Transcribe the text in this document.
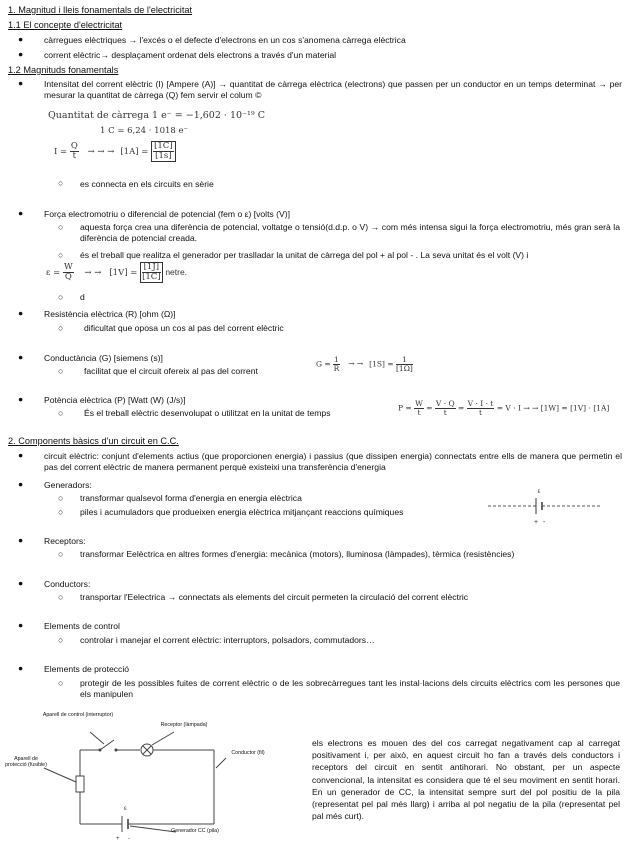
1. Magnitud i lleis fonamentals de l'electricitat
1.1 El concepte d'electricitat
●	càrregues elèctriques → l'excés o el defecte d'electrons en un cos s'anomena càrrega elèctrica
●	corrent elèctric→ desplaçament ordenat dels electrons a través d'un material
1.2 Magnituds fonamentals
●	Intensitat del corrent elèctric (I) [Ampere (A)] → quantitat de càrrega elèctrica (electrons) que passen per un conductor en un temps determinat → per mesurar la quantitat de càrrega (Q) fem servir el colum ©
Quantitat de càrrega 1 e⁻ = −1,602 · 10⁻¹⁹ C
1 C = 6,24 · 1018 e⁻
$I = \frac{Q}{t}$ → → → $[1A] = \frac{[1C]}{[1s]}$
○ es connecta en els circuits en sèrie
●	Força electromotriu o diferencial de potencial (fem o ε) [volts (V)]
○ aquesta força crea una diferència de potencial, voltatge o tensió(d.d.p. o V) → com més intensa sigui la força electromotriu, més gran serà la diferència de potencial creada.
○ és el treball que realitza el generador per traslladar la unitat de càrrega del pol + al pol - . La seva unitat és el volt (V) i
$\varepsilon = \frac{W}{Q}$ → → $[1V] = \frac{[1J]}{[1C]}$ netre.
○ d
●	Resistència elèctrica (R) [ohm (Ω)]
○ dificultat que oposa un cos al pas del corrent elèctric
●	Conductància (G) [siemens (s)]
○ facilitat que el circuit ofereix al pas del corrent
$G = \frac{1}{R}$ → → $[1S] = \frac{1}{[1\Omega]}$
●	Potència elèctrica (P) [Watt (W) (J/s)]
○ És el treball elèctric desenvolupat o utilitzat en la unitat de temps
$P = \frac{W}{t} = \frac{V \cdot Q}{t} = \frac{V \cdot I \cdot t}{t} = V \cdot I$ → → [1W] = [1V] · [1A]
2. Components bàsics d'un circuit en C.C.
●	circuit elèctric: conjunt d'elements actius (que proporcionen energia) i passius (que dissipen energia) connectats entre ells de manera que permetin el pas del corrent elèctric de manera permanent perquè existeixi una transferència d'energia
●	Generadors:
○ transformar qualsevol forma d'energia en energia elèctrica
○ piles i acumuladors que produeixen energia elèctrica mitjançant reaccions químiques
ε
+ -
●	Receptors:
○ transformar Eelèctrica en altres formes d'energia: mecànica (motors), lluminosa (làmpades), tèrmica (resistències)
●	Conductors:
○ transportar l'Eelectrica → connectats als elements del circuit permeten la circulació del corrent elèctric
●	Elements de control
○ controlar i manejar el corrent elèctric: interruptors, polsadors, commutadors…
●	Elements de protecció
○ protegir de les possibles fuites de corrent elèctric o de les sobrecàrregues tant les instal·lacions dels circuits elèctrics com les persones que els manipulen
Aparell de control (interruptor)
Receptor (làmpada)
Conductor (fil)
Aparell de protecció (fusible)
Generador CC (pila)
ε
+ -
els electrons es mouen des del cos carregat negativament cap al carregat positivament i, per això, en aquest circuit ho fan a través dels conductors i receptors del circuit en sentit antihorari. No obstant, per un aspecte convencional, la intensitat es considera que té el seu moviment en sentit horari. En un generador de CC, la intensitat sempre surt del pol positiu de la pila (representat pel pal més llarg) i arriba al pol negatiu de la pila (representat pel pal més curt).
